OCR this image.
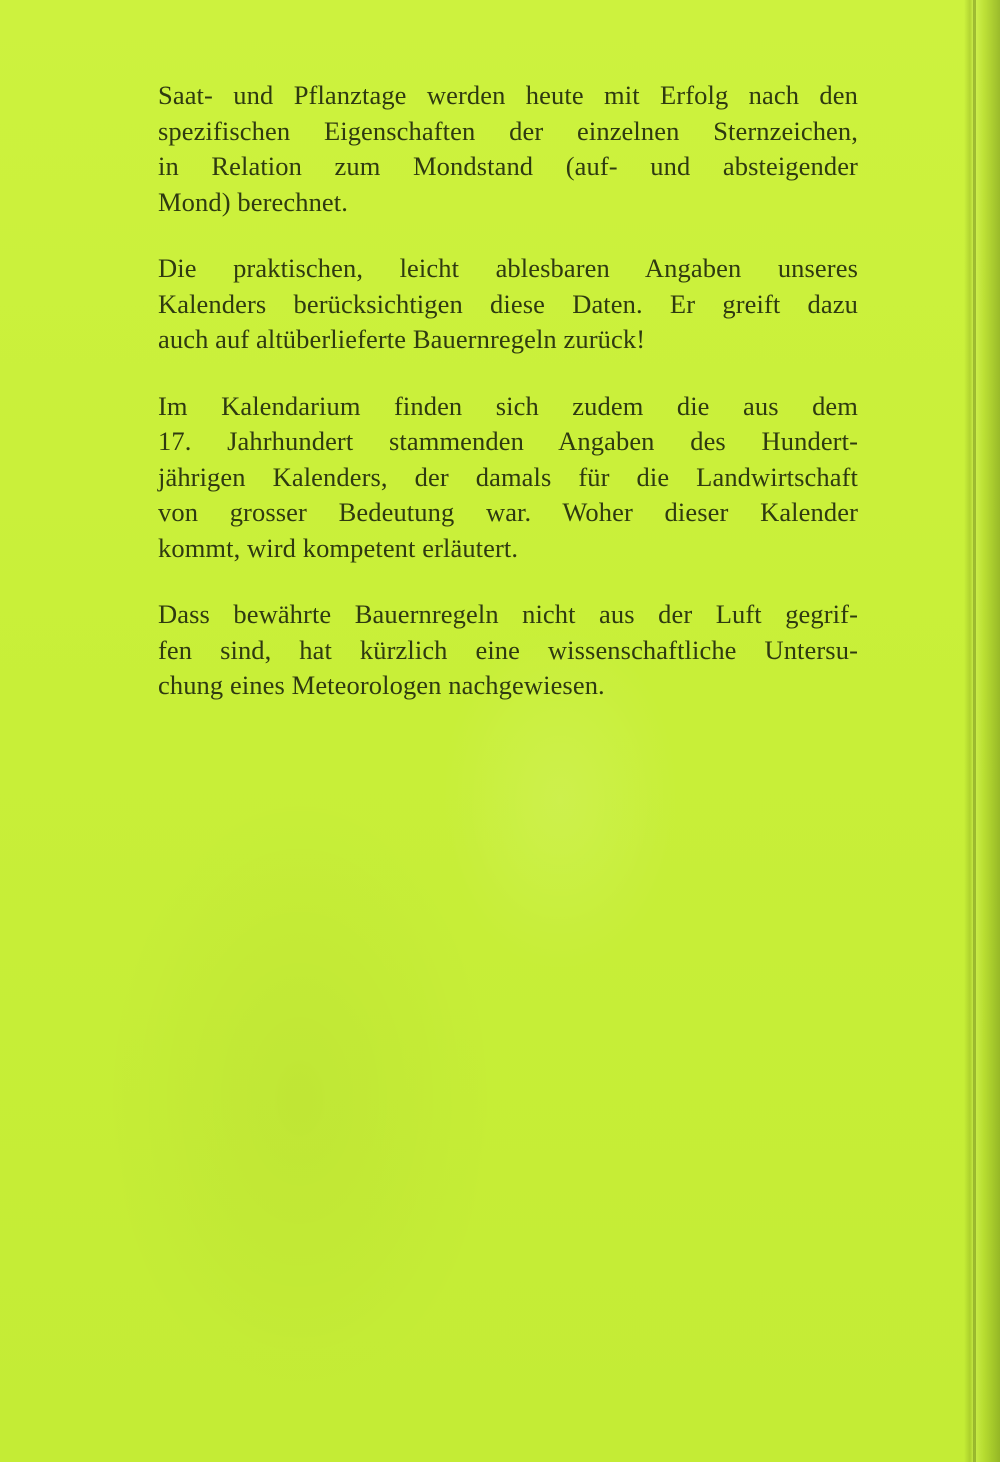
Saat- und Pflanztage werden heute mit Erfolg nach den
spezifischen Eigenschaften der einzelnen Sternzeichen,
in Relation zum Mondstand (auf- und absteigender
Mond) berechnet.

Die praktischen, leicht ablesbaren Angaben unseres
Kalenders berücksichtigen diese Daten. Er greift dazu
auch auf altüberlieferte Bauernregeln zurück!

Im Kalendarium finden sich zudem die aus dem
17. Jahrhundert stammenden Angaben des Hundert-
jährigen Kalenders, der damals für die Landwirtschaft
von grosser Bedeutung war. Woher dieser Kalender
kommt, wird kompetent erläutert.

Dass bewährte Bauernregeln nicht aus der Luft gegrif-
fen sind, hat kürzlich eine wissenschaftliche Untersu-
chung eines Meteorologen nachgewiesen.
